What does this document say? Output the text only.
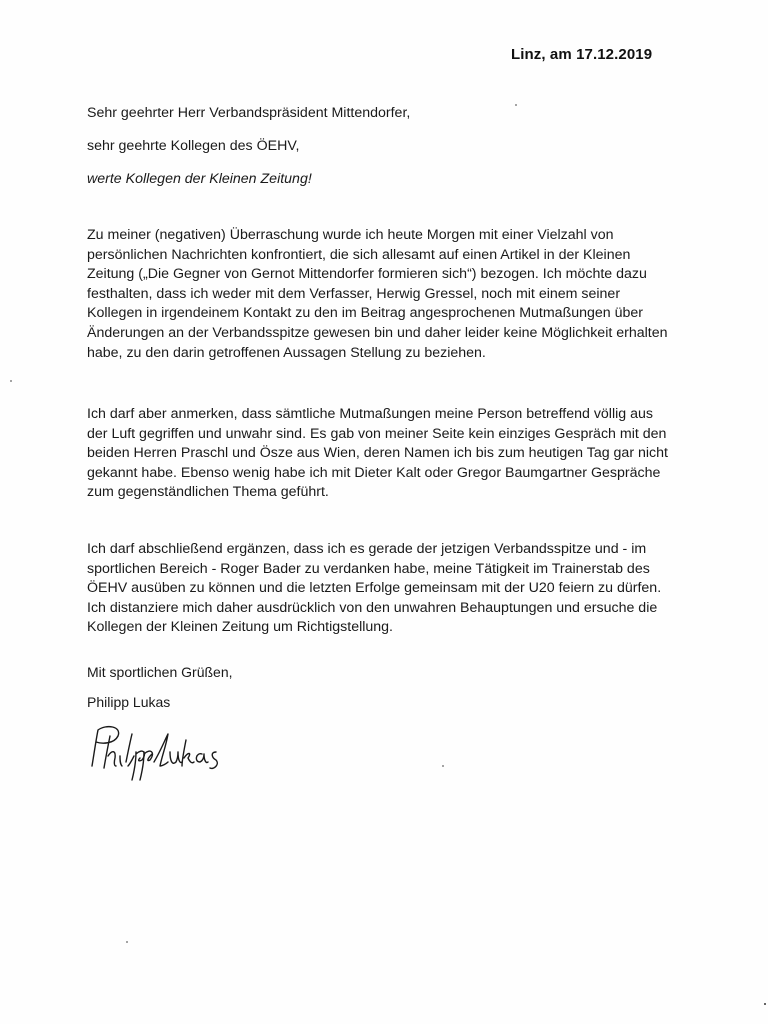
Linz, am 17.12.2019
Sehr geehrter Herr Verbandspräsident Mittendorfer,
sehr geehrte Kollegen des ÖEHV,
werte Kollegen der Kleinen Zeitung!
Zu meiner (negativen) Überraschung wurde ich heute Morgen mit einer Vielzahl von
persönlichen Nachrichten konfrontiert, die sich allesamt auf einen Artikel in der Kleinen
Zeitung („Die Gegner von Gernot Mittendorfer formieren sich“) bezogen. Ich möchte dazu
festhalten, dass ich weder mit dem Verfasser, Herwig Gressel, noch mit einem seiner
Kollegen in irgendeinem Kontakt zu den im Beitrag angesprochenen Mutmaßungen über
Änderungen an der Verbandsspitze gewesen bin und daher leider keine Möglichkeit erhalten
habe, zu den darin getroffenen Aussagen Stellung zu beziehen.
Ich darf aber anmerken, dass sämtliche Mutmaßungen meine Person betreffend völlig aus
der Luft gegriffen und unwahr sind. Es gab von meiner Seite kein einziges Gespräch mit den
beiden Herren Praschl und Ösze aus Wien, deren Namen ich bis zum heutigen Tag gar nicht
gekannt habe. Ebenso wenig habe ich mit Dieter Kalt oder Gregor Baumgartner Gespräche
zum gegenständlichen Thema geführt.
Ich darf abschließend ergänzen, dass ich es gerade der jetzigen Verbandsspitze und - im
sportlichen Bereich - Roger Bader zu verdanken habe, meine Tätigkeit im Trainerstab des
ÖEHV ausüben zu können und die letzten Erfolge gemeinsam mit der U20 feiern zu dürfen.
Ich distanziere mich daher ausdrücklich von den unwahren Behauptungen und ersuche die
Kollegen der Kleinen Zeitung um Richtigstellung.
Mit sportlichen Grüßen,
Philipp Lukas
